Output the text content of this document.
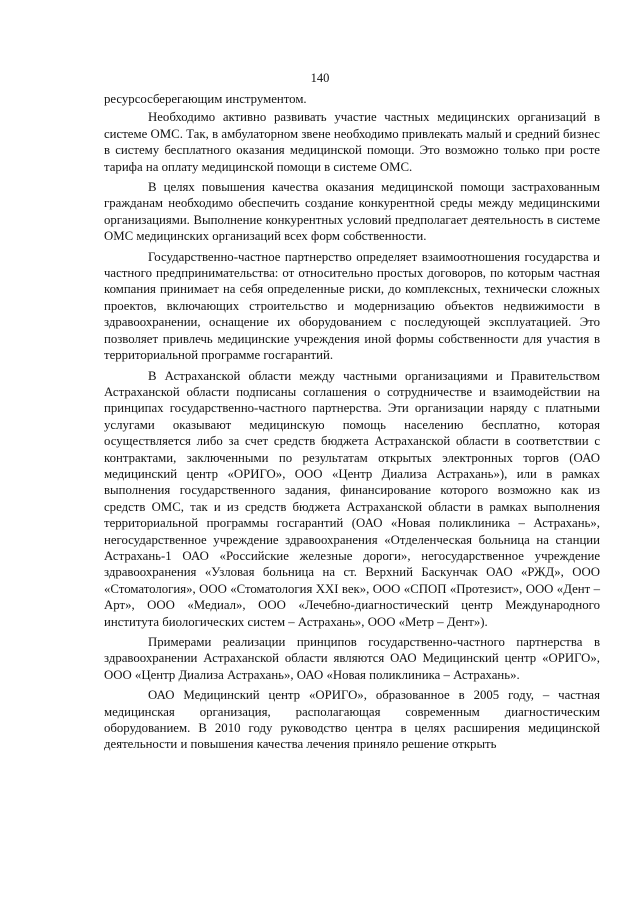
140

ресурсосберегающим инструментом.

Необходимо активно развивать участие частных медицинских организаций в системе ОМС. Так, в амбулаторном звене необходимо привлекать малый и средний бизнес в систему бесплатного оказания медицинской помощи. Это возможно только при росте тарифа на оплату медицинской помощи в системе ОМС.

В целях повышения качества оказания медицинской помощи застрахованным гражданам необходимо обеспечить создание конкурентной среды между медицинскими организациями. Выполнение конкурентных условий предполагает деятельность в системе ОМС медицинских организаций всех форм собственности.

Государственно-частное партнерство определяет взаимоотношения государства и частного предпринимательства: от относительно простых договоров, по которым частная компания принимает на себя определенные риски, до комплексных, технически сложных проектов, включающих строительство и модернизацию объектов недвижимости в здравоохранении, оснащение их оборудованием с последующей эксплуатацией. Это позволяет привлечь медицинские учреждения иной формы собственности для участия в территориальной программе госгарантий.

В Астраханской области между частными организациями и Правительством Астраханской области подписаны соглашения о сотрудничестве и взаимодействии на принципах государственно-частного партнерства. Эти организации наряду с платными услугами оказывают медицинскую помощь населению бесплатно, которая осуществляется либо за счет средств бюджета Астраханской области в соответствии с контрактами, заключенными по результатам открытых электронных торгов (ОАО медицинский центр «ОРИГО», ООО «Центр Диализа Астрахань»), или в рамках выполнения государственного задания, финансирование которого возможно как из средств ОМС, так и из средств бюджета Астраханской области в рамках выполнения территориальной программы госгарантий (ОАО «Новая поликлиника – Астрахань», негосударственное учреждение здравоохранения «Отделенческая больница на станции Астрахань-1 ОАО «Российские железные дороги», негосударственное учреждение здравоохранения «Узловая больница на ст. Верхний Баскунчак ОАО «РЖД», ООО «Стоматология», ООО «Стоматология XXI век», ООО «СПОП «Протезист», ООО «Дент – Арт», ООО «Медиал», ООО «Лечебно-диагностический центр Международного института биологических систем – Астрахань», ООО «Метр – Дент»).

Примерами реализации принципов государственно-частного партнерства в здравоохранении Астраханской области являются ОАО Медицинский центр «ОРИГО», ООО «Центр Диализа Астрахань», ОАО «Новая поликлиника – Астрахань».

ОАО Медицинский центр «ОРИГО», образованное в 2005 году, – частная медицинская организация, располагающая современным диагностическим оборудованием. В 2010 году руководство центра в целях расширения медицинской деятельности и повышения качества лечения приняло решение открыть
